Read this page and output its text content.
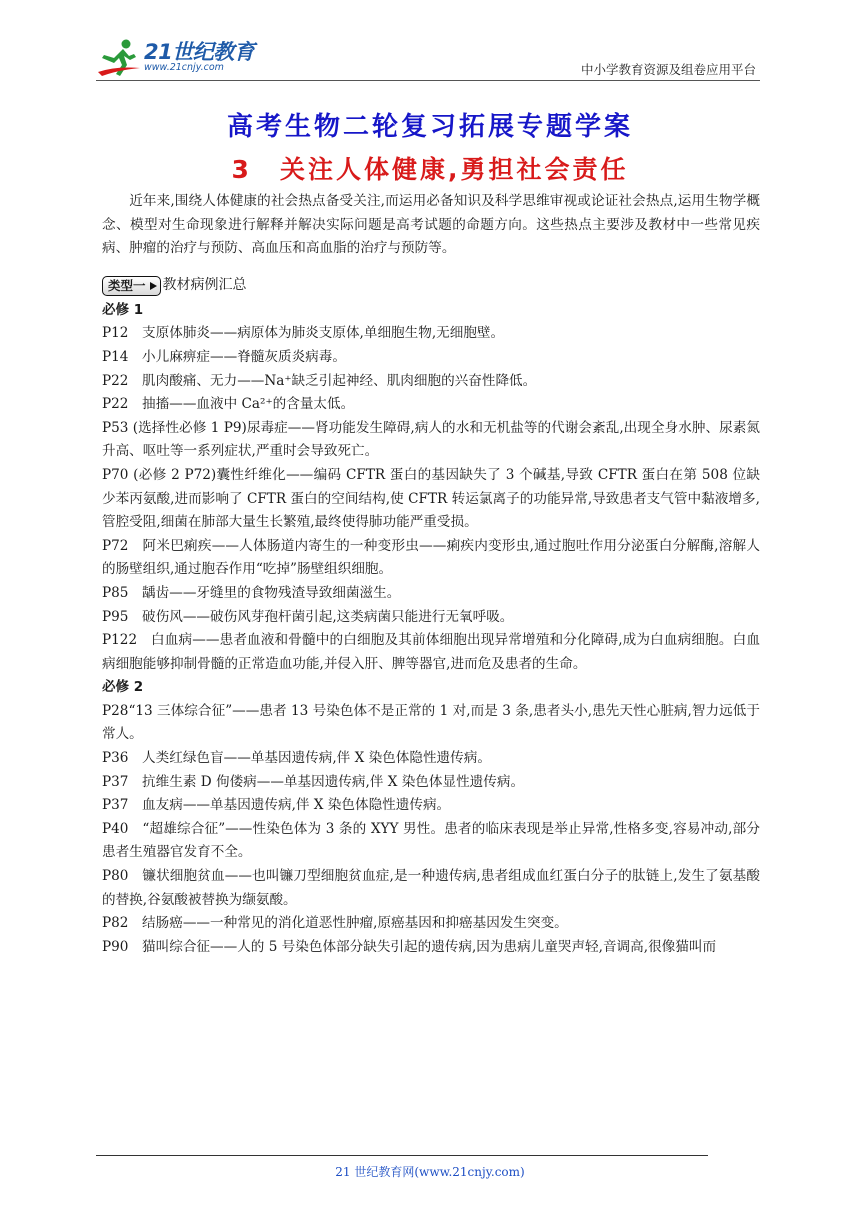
21世纪教育
www.21cnjy.com	中小学教育资源及组卷应用平台
高考生物二轮复习拓展专题学案
3　关注人体健康,勇担社会责任

近年来,围绕人体健康的社会热点备受关注,而运用必备知识及科学思维审视或论证社会热点,运用生物学概念、模型对生命现象进行解释并解决实际问题是高考试题的命题方向。这些热点主要涉及教材中一些常见疾病、肿瘤的治疗与预防、高血压和高血脂的治疗与预防等。

类型一	教材病例汇总

必修 1

P12　支原体肺炎——病原体为肺炎支原体,单细胞生物,无细胞壁。

P14　小儿麻痹症——脊髓灰质炎病毒。

P22　肌肉酸痛、无力——Na⁺缺乏引起神经、肌肉细胞的兴奋性降低。

P22　抽搐——血液中 Ca²⁺的含量太低。

P53 (选择性必修 1 P9)尿毒症——肾功能发生障碍,病人的水和无机盐等的代谢会紊乱,出现全身水肿、尿素氮升高、呕吐等一系列症状,严重时会导致死亡。

P70 (必修 2 P72)囊性纤维化——编码 CFTR 蛋白的基因缺失了 3 个碱基,导致 CFTR 蛋白在第 508 位缺少苯丙氨酸,进而影响了 CFTR 蛋白的空间结构,使 CFTR 转运氯离子的功能异常,导致患者支气管中黏液增多,管腔受阻,细菌在肺部大量生长繁殖,最终使得肺功能严重受损。

P72　阿米巴痢疾——人体肠道内寄生的一种变形虫——痢疾内变形虫,通过胞吐作用分泌蛋白分解酶,溶解人的肠壁组织,通过胞吞作用“吃掉”肠壁组织细胞。

P85　龋齿——牙缝里的食物残渣导致细菌滋生。

P95　破伤风——破伤风芽孢杆菌引起,这类病菌只能进行无氧呼吸。

P122　白血病——患者血液和骨髓中的白细胞及其前体细胞出现异常增殖和分化障碍,成为白血病细胞。白血病细胞能够抑制骨髓的正常造血功能,并侵入肝、脾等器官,进而危及患者的生命。

必修 2

P28“13 三体综合征”——患者 13 号染色体不是正常的 1 对,而是 3 条,患者头小,患先天性心脏病,智力远低于常人。

P36　人类红绿色盲——单基因遗传病,伴 X 染色体隐性遗传病。

P37　抗维生素 D 佝偻病——单基因遗传病,伴 X 染色体显性遗传病。

P37　血友病——单基因遗传病,伴 X 染色体隐性遗传病。

P40　“超雄综合征”——性染色体为 3 条的 XYY 男性。患者的临床表现是举止异常,性格多变,容易冲动,部分患者生殖器官发育不全。

P80　镰状细胞贫血——也叫镰刀型细胞贫血症,是一种遗传病,患者组成血红蛋白分子的肽链上,发生了氨基酸的替换,谷氨酸被替换为缬氨酸。

P82　结肠癌——一种常见的消化道恶性肿瘤,原癌基因和抑癌基因发生突变。

P90　猫叫综合征——人的 5 号染色体部分缺失引起的遗传病,因为患病儿童哭声轻,音调高,很像猫叫而

21 世纪教育网(www.21cnjy.com)
